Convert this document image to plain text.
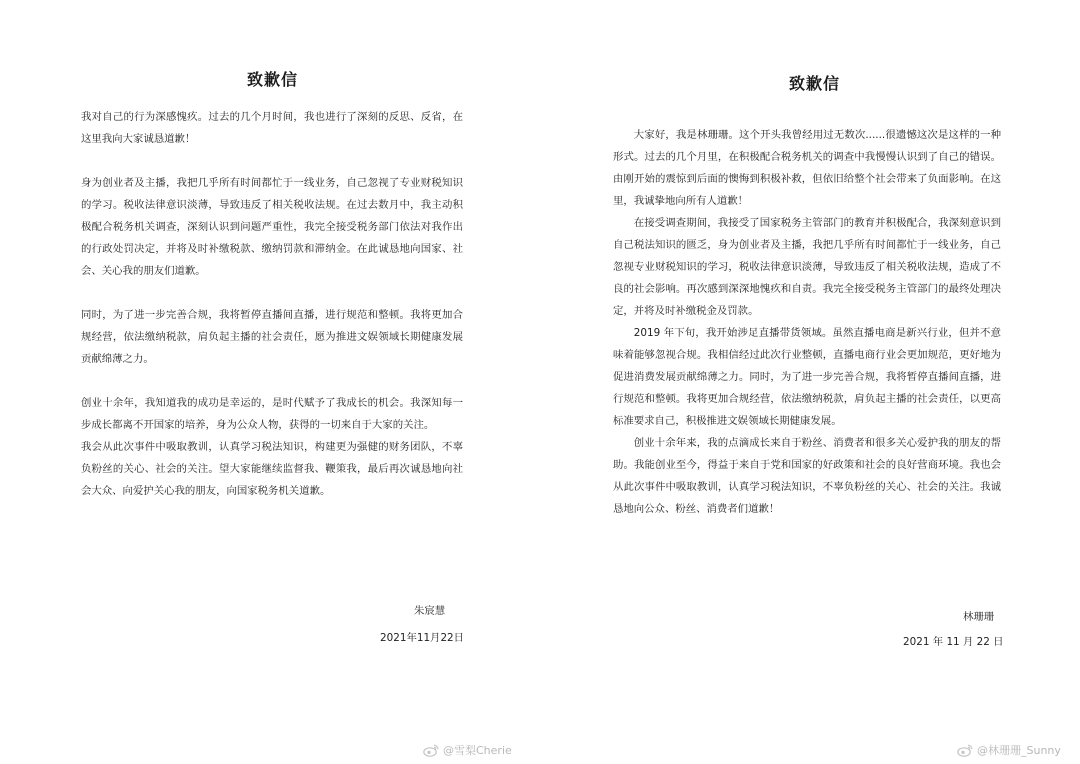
致歉信

我对自己的行为深感愧疚。过去的几个月时间，我也进行了深刻的反思、反省，在这里我向大家诚恳道歉！

身为创业者及主播，我把几乎所有时间都忙于一线业务，自己忽视了专业财税知识的学习。税收法律意识淡薄，导致违反了相关税收法规。在过去数月中，我主动积极配合税务机关调查，深刻认识到问题严重性，我完全接受税务部门依法对我作出的行政处罚决定，并将及时补缴税款、缴纳罚款和滞纳金。在此诚恳地向国家、社会、关心我的朋友们道歉。

同时，为了进一步完善合规，我将暂停直播间直播，进行规范和整顿。我将更加合规经营，依法缴纳税款，肩负起主播的社会责任，愿为推进文娱领域长期健康发展贡献绵薄之力。

创业十余年，我知道我的成功是幸运的，是时代赋予了我成长的机会。我深知每一步成长都离不开国家的培养，身为公众人物，获得的一切来自于大家的关注。

我会从此次事件中吸取教训，认真学习税法知识，构建更为强健的财务团队，不辜负粉丝的关心、社会的关注。望大家能继续监督我、鞭策我，最后再次诚恳地向社会大众、向爱护关心我的朋友，向国家税务机关道歉。

朱宸慧
2021年11月22日
@雪梨Cherie
致歉信

大家好，我是林珊珊。这个开头我曾经用过无数次......很遗憾这次是这样的一种形式。过去的几个月里，在积极配合税务机关的调查中我慢慢认识到了自己的错误。由刚开始的震惊到后面的懊悔到积极补救，但依旧给整个社会带来了负面影响。在这里，我诚挚地向所有人道歉！

在接受调查期间，我接受了国家税务主管部门的教育并积极配合，我深刻意识到自己税法知识的匮乏，身为创业者及主播，我把几乎所有时间都忙于一线业务，自己忽视专业财税知识的学习，税收法律意识淡薄，导致违反了相关税收法规，造成了不良的社会影响。再次感到深深地愧疚和自责。我完全接受税务主管部门的最终处理决定，并将及时补缴税金及罚款。

2019 年下旬，我开始涉足直播带货领域。虽然直播电商是新兴行业，但并不意味着能够忽视合规。我相信经过此次行业整顿，直播电商行业会更加规范，更好地为促进消费发展贡献绵薄之力。同时，为了进一步完善合规，我将暂停直播间直播，进行规范和整顿。我将更加合规经营，依法缴纳税款，肩负起主播的社会责任，以更高标准要求自己，积极推进文娱领域长期健康发展。

创业十余年来，我的点滴成长来自于粉丝、消费者和很多关心爱护我的朋友的帮助。我能创业至今，得益于来自于党和国家的好政策和社会的良好营商环境。我也会从此次事件中吸取教训，认真学习税法知识，不辜负粉丝的关心、社会的关注。我诚恳地向公众、粉丝、消费者们道歉！

林珊珊
2021 年 11 月 22 日
@林珊珊_Sunny
